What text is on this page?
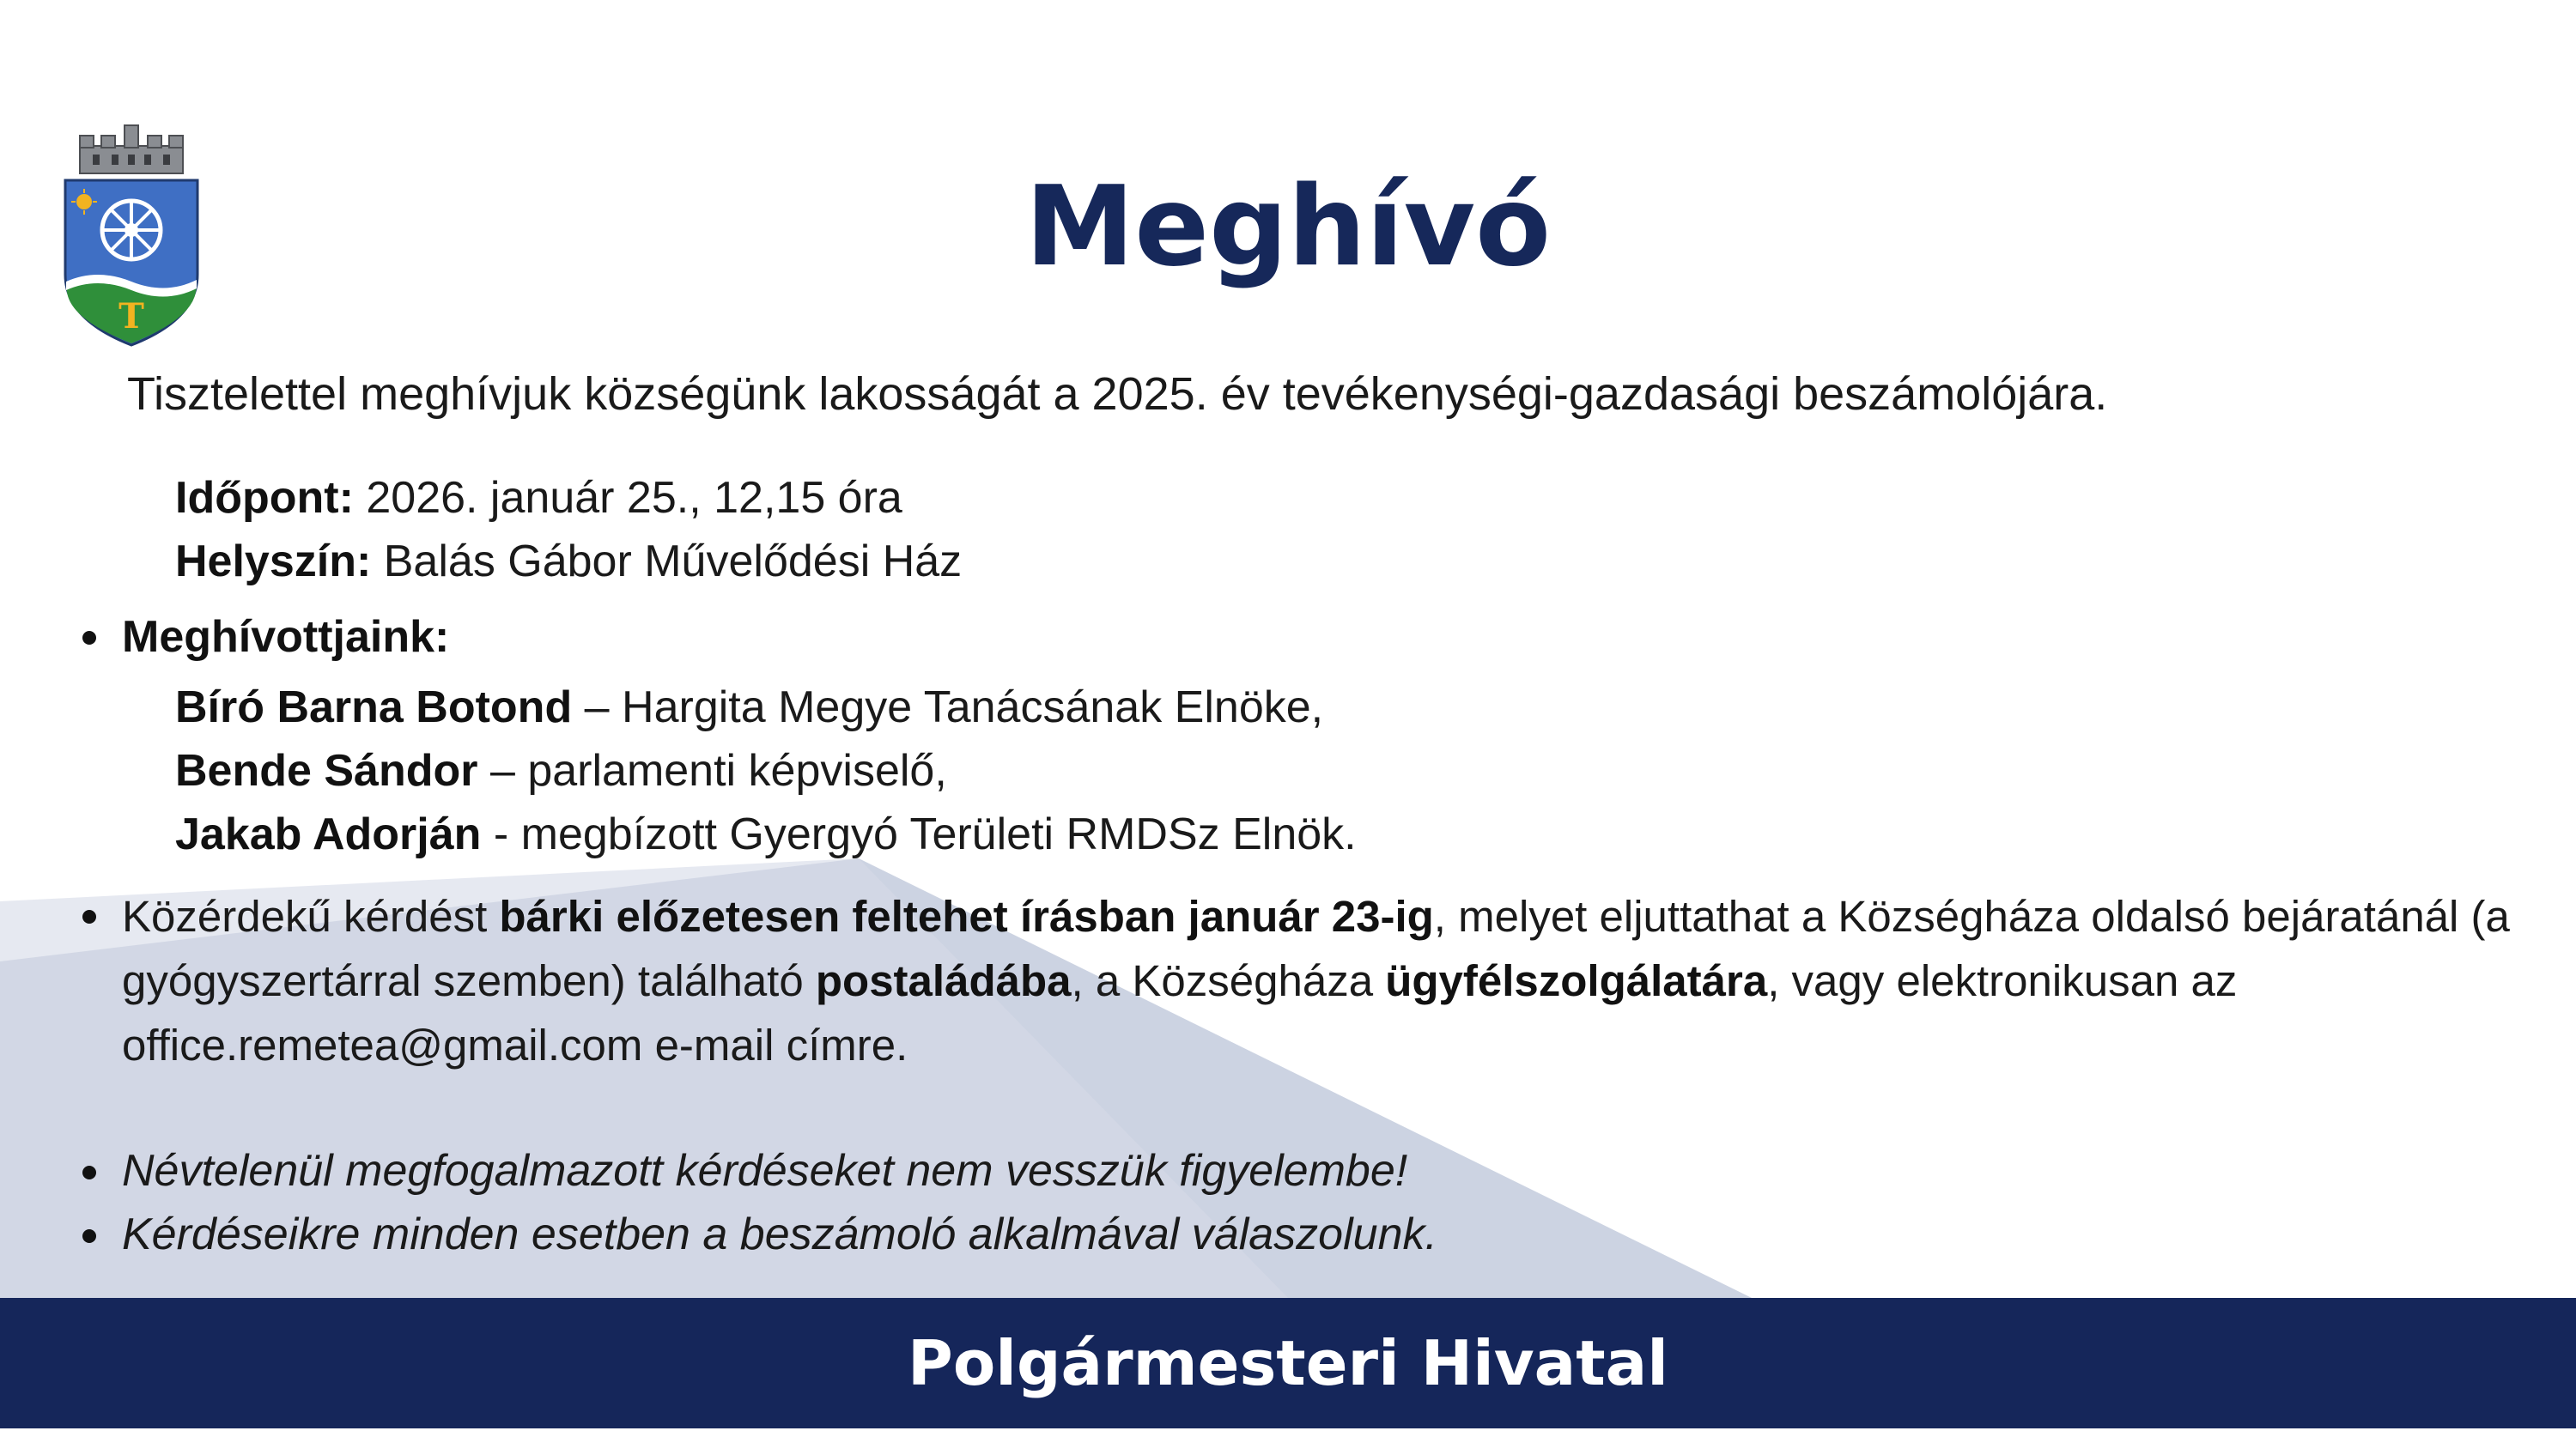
T
Meghívó

Tisztelettel meghívjuk községünk lakosságát a 2025. év tevékenységi-gazdasági beszámolójára.

Időpont: 2026. január 25., 12,15 óra

Helyszín: Balás Gábor Művelődési Ház

Meghívottjaink:

Bíró Barna Botond – Hargita Megye Tanácsának Elnöke,

Bende Sándor – parlamenti képviselő,

Jakab Adorján - megbízott Gyergyó Területi RMDSz Elnök.

Közérdekű kérdést bárki előzetesen feltehet írásban január 23-ig, melyet eljuttathat a Községháza oldalsó bejáratánál (a gyógyszertárral szemben) található postaládába, a Községháza ügyfélszolgálatára, vagy elektronikusan az office.remetea@gmail.com e-mail címre.

Névtelenül megfogalmazott kérdéseket nem vesszük figyelembe!

Kérdéseikre minden esetben a beszámoló alkalmával válaszolunk.

Polgármesteri Hivatal
